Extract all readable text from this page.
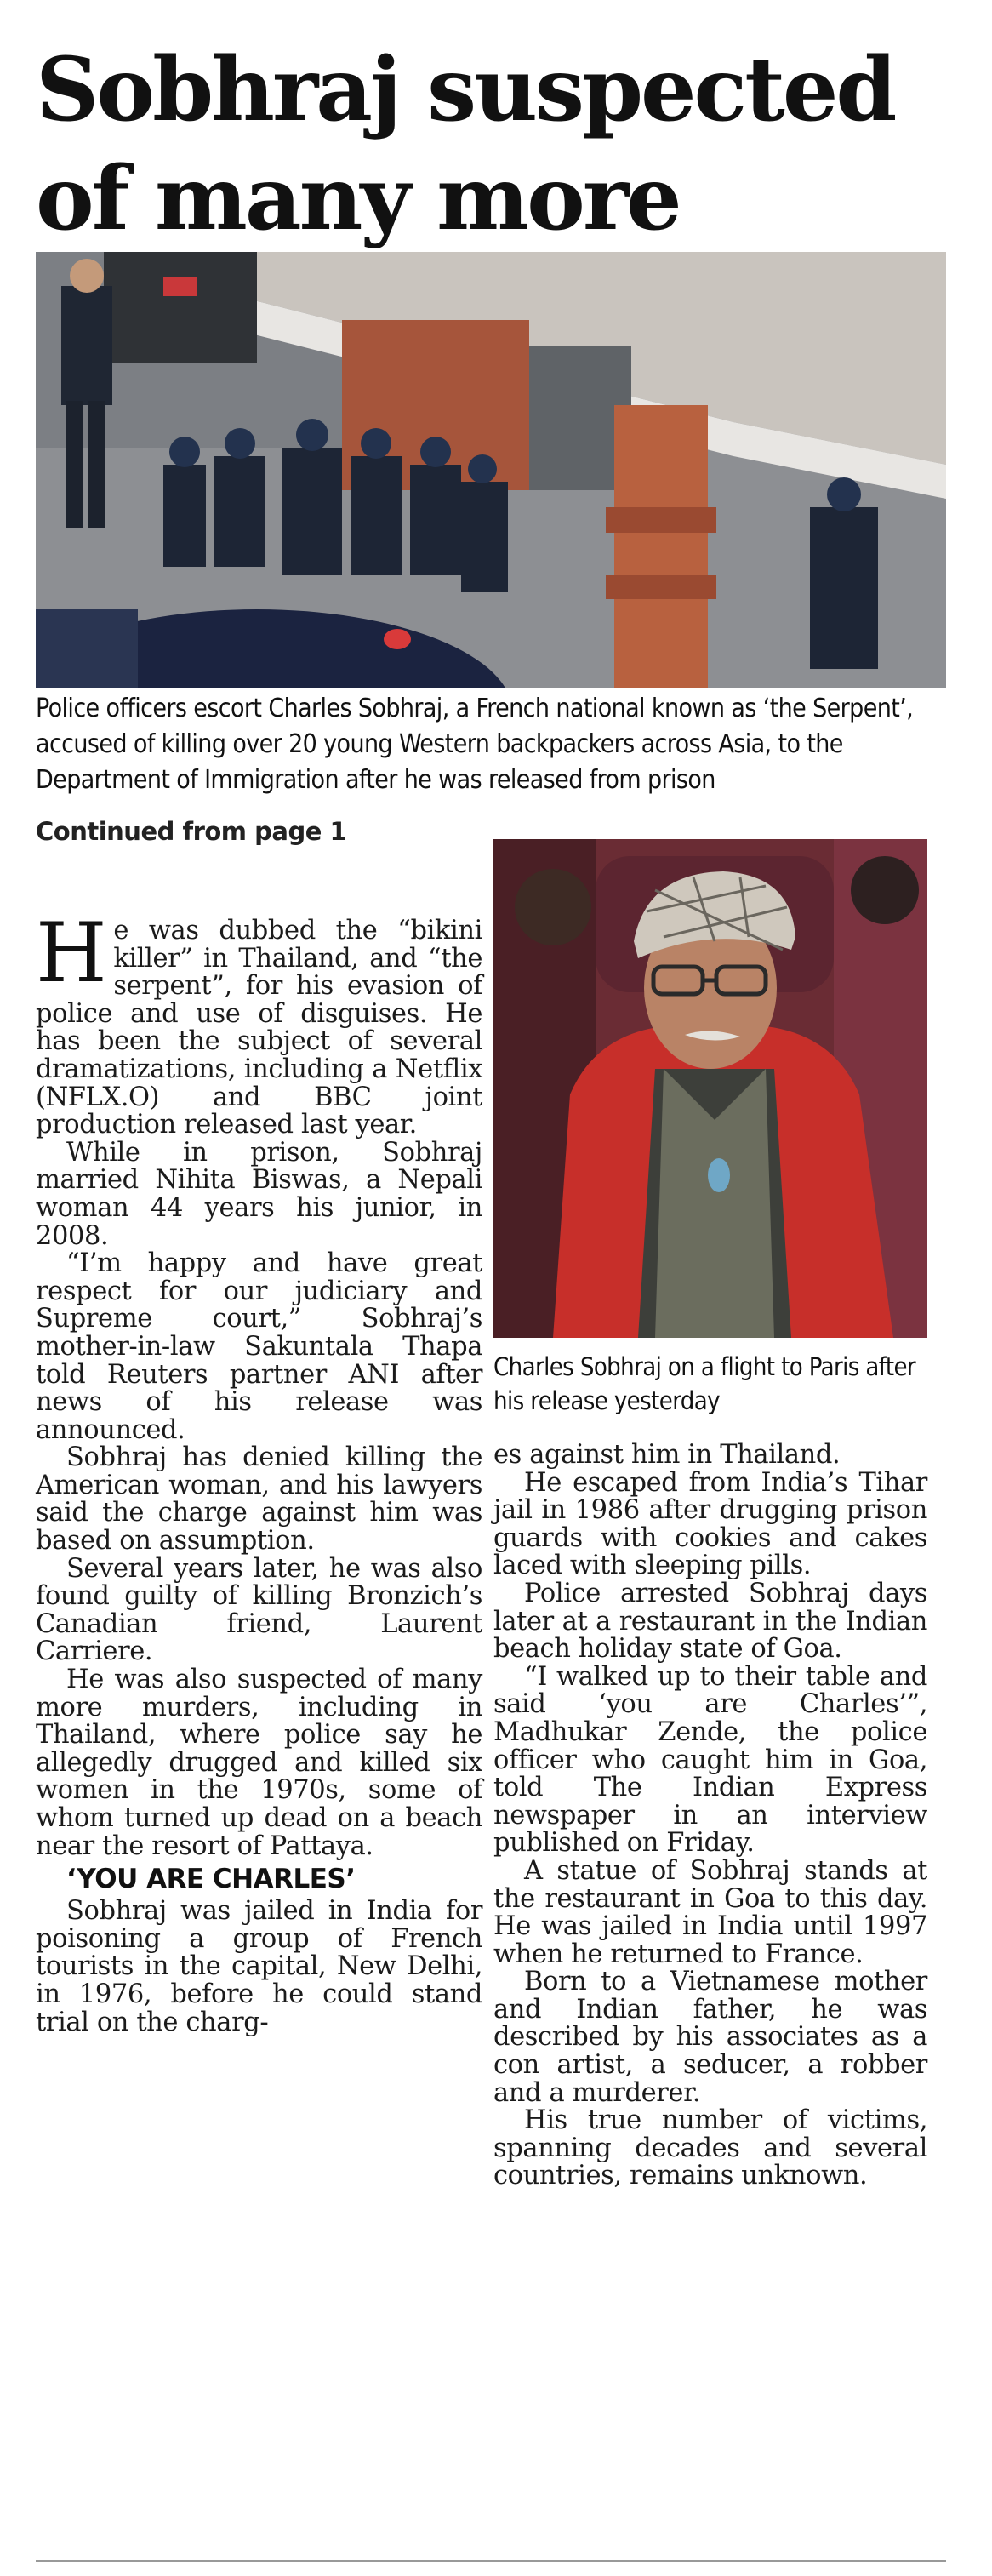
Sobhraj suspected of many more
Police officers escort Charles Sobhraj, a French national known as ‘the Serpent’, accused of killing over 20 young Western backpackers across Asia, to the Department of Immigration after he was released from prison
Continued from page 1
Charles Sobhraj on a flight to Paris after his release yesterday

He was dubbed the “bikini killer” in Thailand, and “the serpent”, for his evasion of police and use of disguises. He has been the subject of several dramatizations, including a Netflix (NFLX.O) and BBC joint production released last year.

While in prison, Sobhraj married Nihita Biswas, a Nepali woman 44 years his junior, in 2008.

“I’m happy and have great respect for our judiciary and Supreme court,” Sobhraj’s mother-in-law Sakuntala Thapa told Reuters partner ANI after news of his release was announced.

Sobhraj has denied killing the American woman, and his lawyers said the charge against him was based on assumption.

Several years later, he was also found guilty of killing Bronzich’s Canadian friend, Laurent Carriere.

He was also suspected of many more murders, including in Thailand, where police say he allegedly drugged and killed six women in the 1970s, some of whom turned up dead on a beach near the resort of Pattaya.

‘YOU ARE CHARLES’

Sobhraj was jailed in India for poisoning a group of French tourists in the capital, New Delhi, in 1976, before he could stand trial on the charg-

es against him in Thailand.

He escaped from India’s Tihar jail in 1986 after drugging prison guards with cookies and cakes laced with sleeping pills.

Police arrested Sobhraj days later at a restaurant in the Indian beach holiday state of Goa.

“I walked up to their table and said ‘you are Charles’”, Madhukar Zende, the police officer who caught him in Goa, told The Indian Express newspaper in an interview published on Friday.

A statue of Sobhraj stands at the restaurant in Goa to this day. He was jailed in India until 1997 when he returned to France.

Born to a Vietnamese mother and Indian father, he was described by his associates as a con artist, a seducer, a robber and a murderer.

His true number of victims, spanning decades and several countries, remains unknown.
